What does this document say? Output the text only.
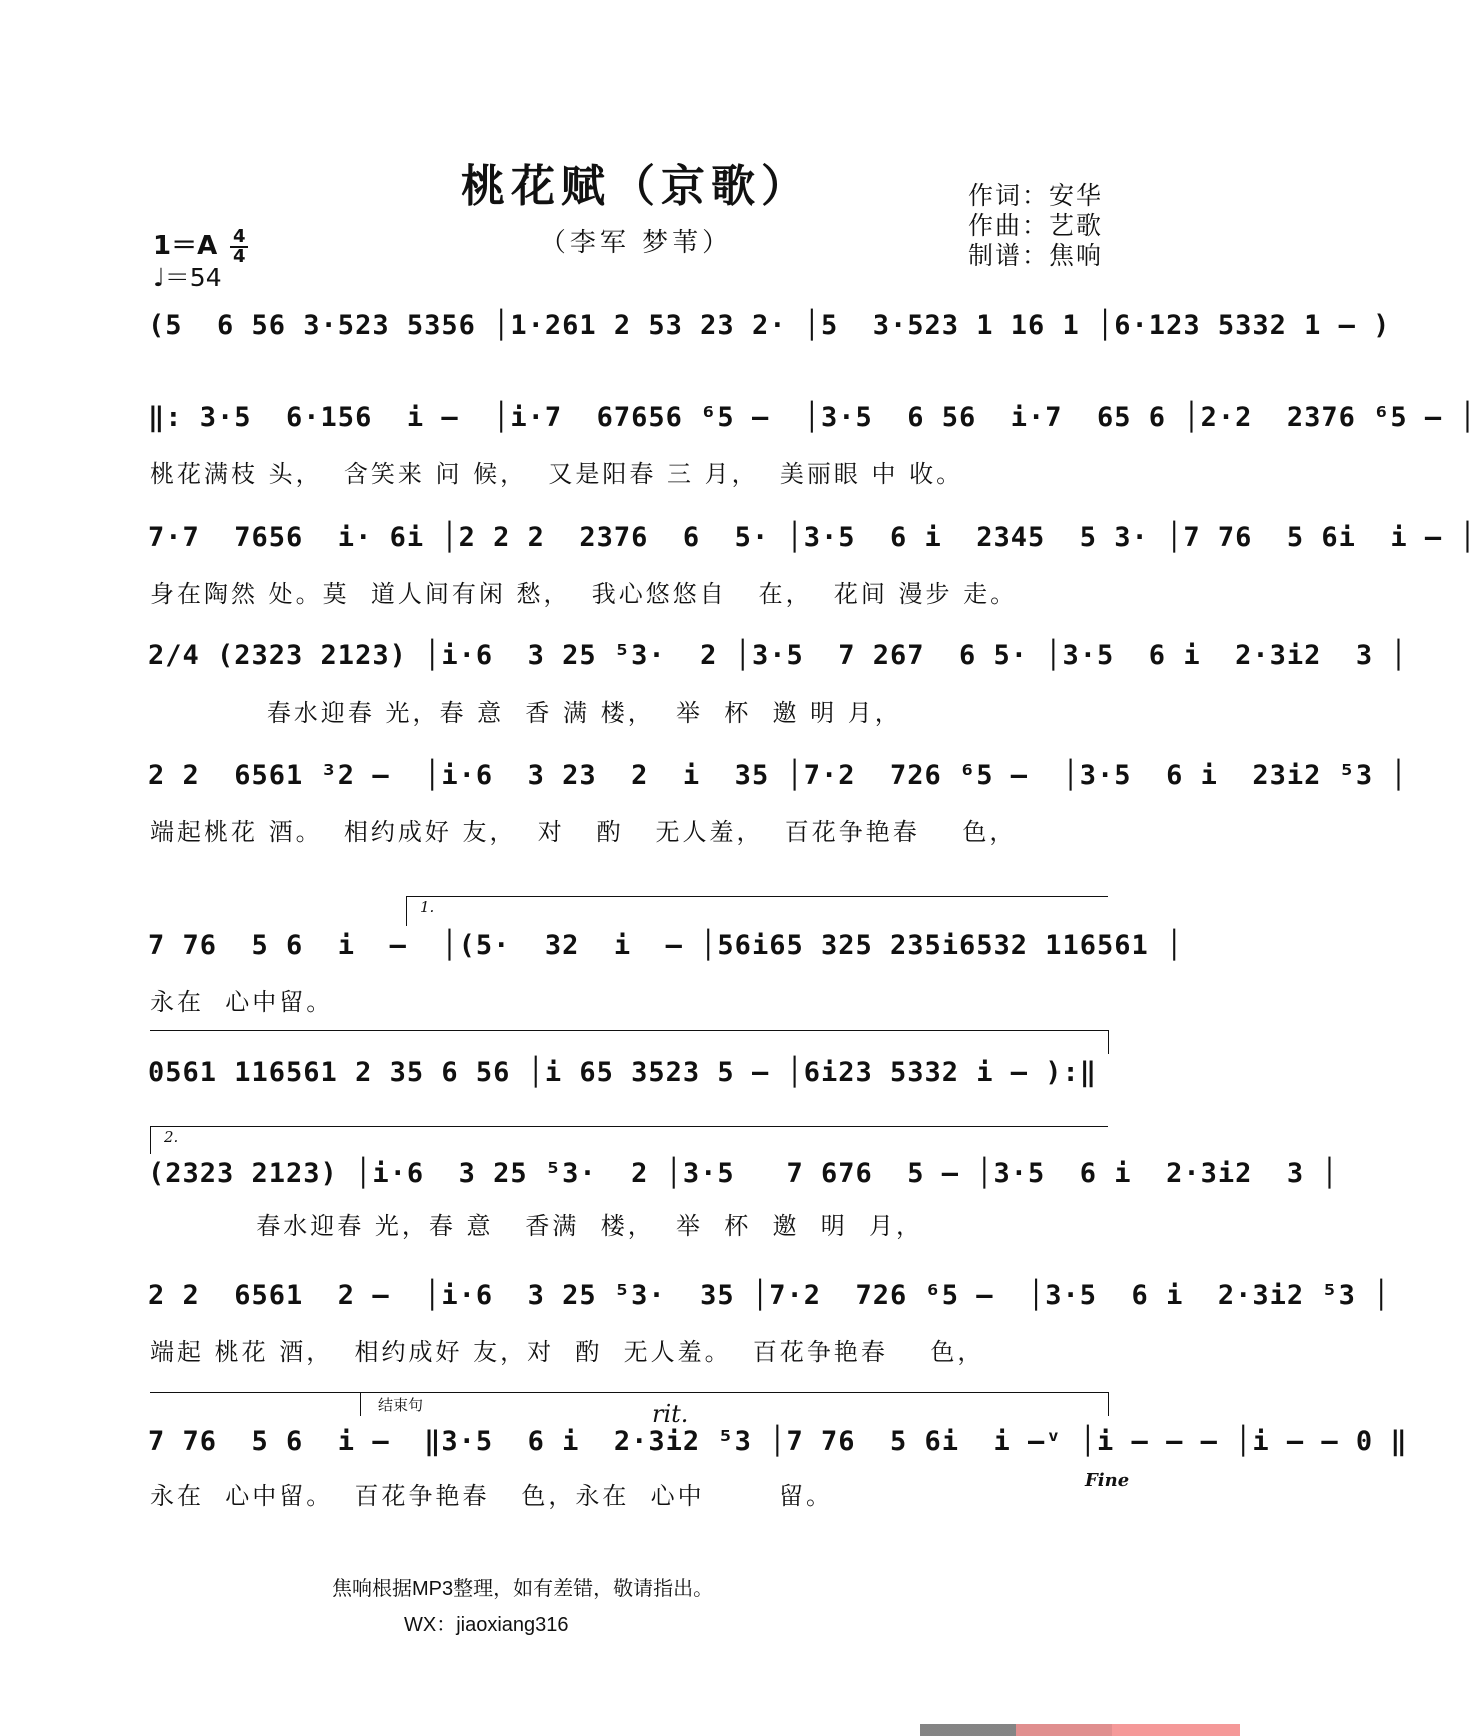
桃花赋（京歌）
（李军 梦苇）
作词：安华
作曲：艺歌
制谱：焦响
$1=A \frac{4}{4}$
♩＝54
(5  6 56 3·523 5356 │1·261 2 53 23 2· │5  3·523 1 16 1 │6·123 5332 1 – )
‖: 3·5  6·156  i –  │i·7  67656 ⁶5 –  │3·5  6 56  i·7  65 6 │2·2  2376 ⁶5 – │
桃花满枝 头，  含笑来 问 候，  又是阳春 三 月，  美丽眼 中 收。
7·7  7656  i· 6i │2 2 2  2376  6  5· │3·5  6 i  2345  5 3· │7 76  5 6i  i – │
身在陶然 处。莫  道人间有闲 愁，  我心悠悠自   在，  花间 漫步 走。
2/4 (2323 2123) │i·6  3 25 ⁵3·  2 │3·5  7 267  6 5· │3·5  6 i  2·3i2  3 │
春水迎春 光，春 意  香 满 楼，  举  杯  邀 明 月，
2 2  6561 ³2 –  │i·6  3 23  2  i  35 │7·2  726 ⁶5 –  │3·5  6 i  23i2 ⁵3 │
端起桃花 酒。  相约成好 友，  对   酌   无人羞，  百花争艳春    色，
1.
7 76  5 6  i  –  │(5·  32  i  – │56i65 325 235i6532 116561 │
永在  心中留。
0561 116561 2 35 6 56 │i 65 3523 5 – │6i23 5332 i – ):‖
2.
(2323 2123) │i·6  3 25 ⁵3·  2 │3·5   7 676  5 – │3·5  6 i  2·3i2  3 │
春水迎春 光，春 意   香满  楼，  举  杯  邀  明  月，
2 2  6561  2 –  │i·6  3 25 ⁵3·  35 │7·2  726 ⁶5 –  │3·5  6 i  2·3i2 ⁵3 │
端起 桃花 酒，  相约成好 友，对  酌  无人羞。  百花争艳春    色，
结束句	rit.
7 76  5 6  i –  ‖3·5  6 i  2·3i2 ⁵3 │7 76  5 6i  i –ᵛ │i – – – │i – – 0 ‖
永在  心中留。  百花争艳春   色，永在  心中       留。
Fine
焦响根据MP3整理，如有差错，敬请指出。
WX：jiaoxiang316
